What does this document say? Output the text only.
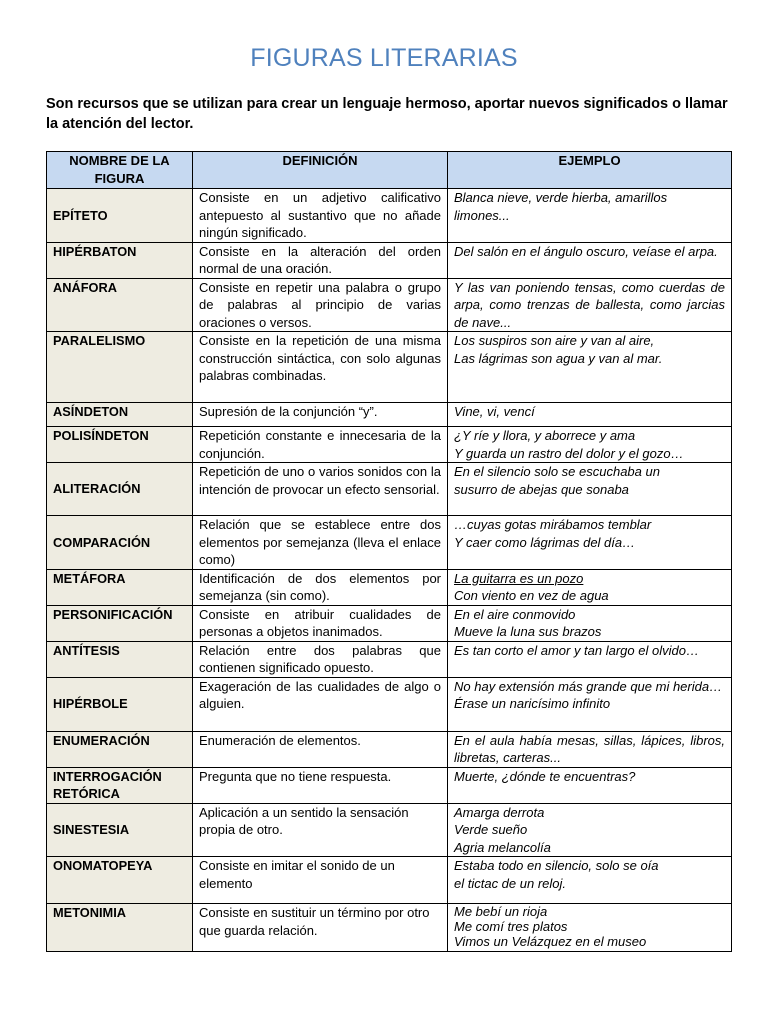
FIGURAS LITERARIAS
Son recursos que se utilizan para crear un lenguaje hermoso, aportar nuevos significados o llamar la atención del lector.
NOMBRE DE LA FIGURA	DEFINICIÓN	EJEMPLO
EPÍTETO	Consiste en un adjetivo calificativo antepuesto al sustantivo que no añade ningún significado.	Blanca nieve, verde hierba, amarillos limones...

HIPÉRBATON	Consiste en la alteración del orden normal de una oración.	Del salón en el ángulo oscuro, veíase el arpa.

ANÁFORA	Consiste en repetir una palabra o grupo de palabras al principio de varias oraciones o versos.	Y las van poniendo tensas, como cuerdas de arpa, como trenzas de ballesta, como jarcias de nave...

PARALELISMO	Consiste en la repetición de una misma construcción sintáctica, con solo algunas palabras combinadas.	Los suspiros son aire y van al aire,
Las lágrimas son agua y van al mar.

ASÍNDETON	Supresión de la conjunción “y”.	Vine, vi, vencí

POLISÍNDETON	Repetición constante e innecesaria de la conjunción.	¿Y ríe y llora, y aborrece y ama
Y guarda un rastro del dolor y el gozo…

ALITERACIÓN	Repetición de uno o varios sonidos con la intención de provocar un efecto sensorial.	En el silencio solo se escuchaba un
susurro de abejas que sonaba

COMPARACIÓN	Relación que se establece entre dos elementos por semejanza (lleva el enlace como)	…cuyas gotas mirábamos temblar
Y caer como lágrimas del día…

METÁFORA	Identificación de dos elementos por semejanza (sin como).	La guitarra es un pozo
Con viento en vez de agua

PERSONIFICACIÓN	Consiste en atribuir cualidades de personas a objetos inanimados.	En el aire conmovido
Mueve la luna sus brazos

ANTÍTESIS	Relación entre dos palabras que contienen significado opuesto.	Es tan corto el amor y tan largo el olvido…

HIPÉRBOLE	Exageración de las cualidades de algo o alguien.	No hay extensión más grande que mi herida…
Érase un naricísimo infinito

ENUMERACIÓN	Enumeración de elementos.	En el aula había mesas, sillas, lápices, libros, libretas, carteras...

INTERROGACIÓN RETÓRICA	Pregunta que no tiene respuesta.	Muerte, ¿dónde te encuentras?

SINESTESIA	Aplicación a un sentido la sensación propia de otro.	Amarga derrota
Verde sueño
Agria melancolía

ONOMATOPEYA	Consiste en imitar el sonido de un elemento	Estaba todo en silencio, solo se oía
el tictac de un reloj.

METONIMIA	Consiste en sustituir un término por otro que guarda relación.	Me bebí un rioja
Me comí tres platos
Vimos un Velázquez en el museo
